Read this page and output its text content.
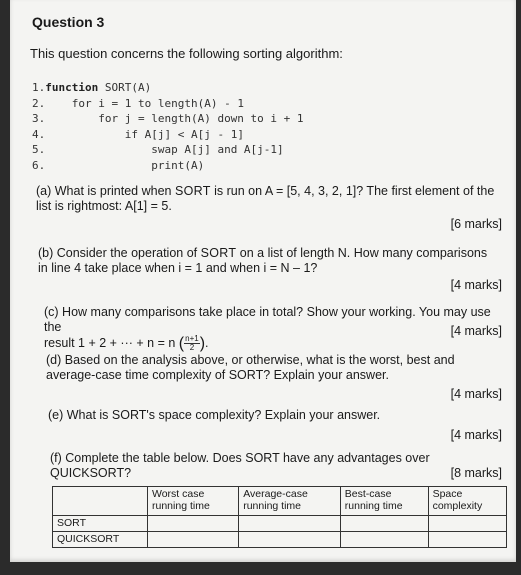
Question 3

This question concerns the following sorting algorithm:

1.function SORT(A)
2. for i = 1 to length(A) - 1
3.	for j = length(A) down to i + 1
4.	if A[j] < A[j - 1]
5.	swap A[j] and A[j-1]
6.	print(A)
(a) What is printed when SORT is run on A = [5, 4, 3, 2, 1]? The first element of the list is rightmost: A[1] = 5.
[6 marks]
(b) Consider the operation of SORT on a list of length N. How many comparisons in line 4 take place when i = 1 and when i = N – 1?
[4 marks]
(c) How many comparisons take place in total? Show your working. You may use the
result 1 + 2 + ··· + n = n ( $\frac{n+1}{2}$ ).
[4 marks]
(d) Based on the analysis above, or otherwise, what is the worst, best and average-case time complexity of SORT? Explain your answer.
[4 marks]
(e) What is SORT's space complexity? Explain your answer.
[4 marks]
(f) Complete the table below. Does SORT have any advantages over QUICKSORT?	[8 marks]
	Worst case running time	Average-case running time	Best-case running time	Space complexity
SORT				
QUICKSORT				
